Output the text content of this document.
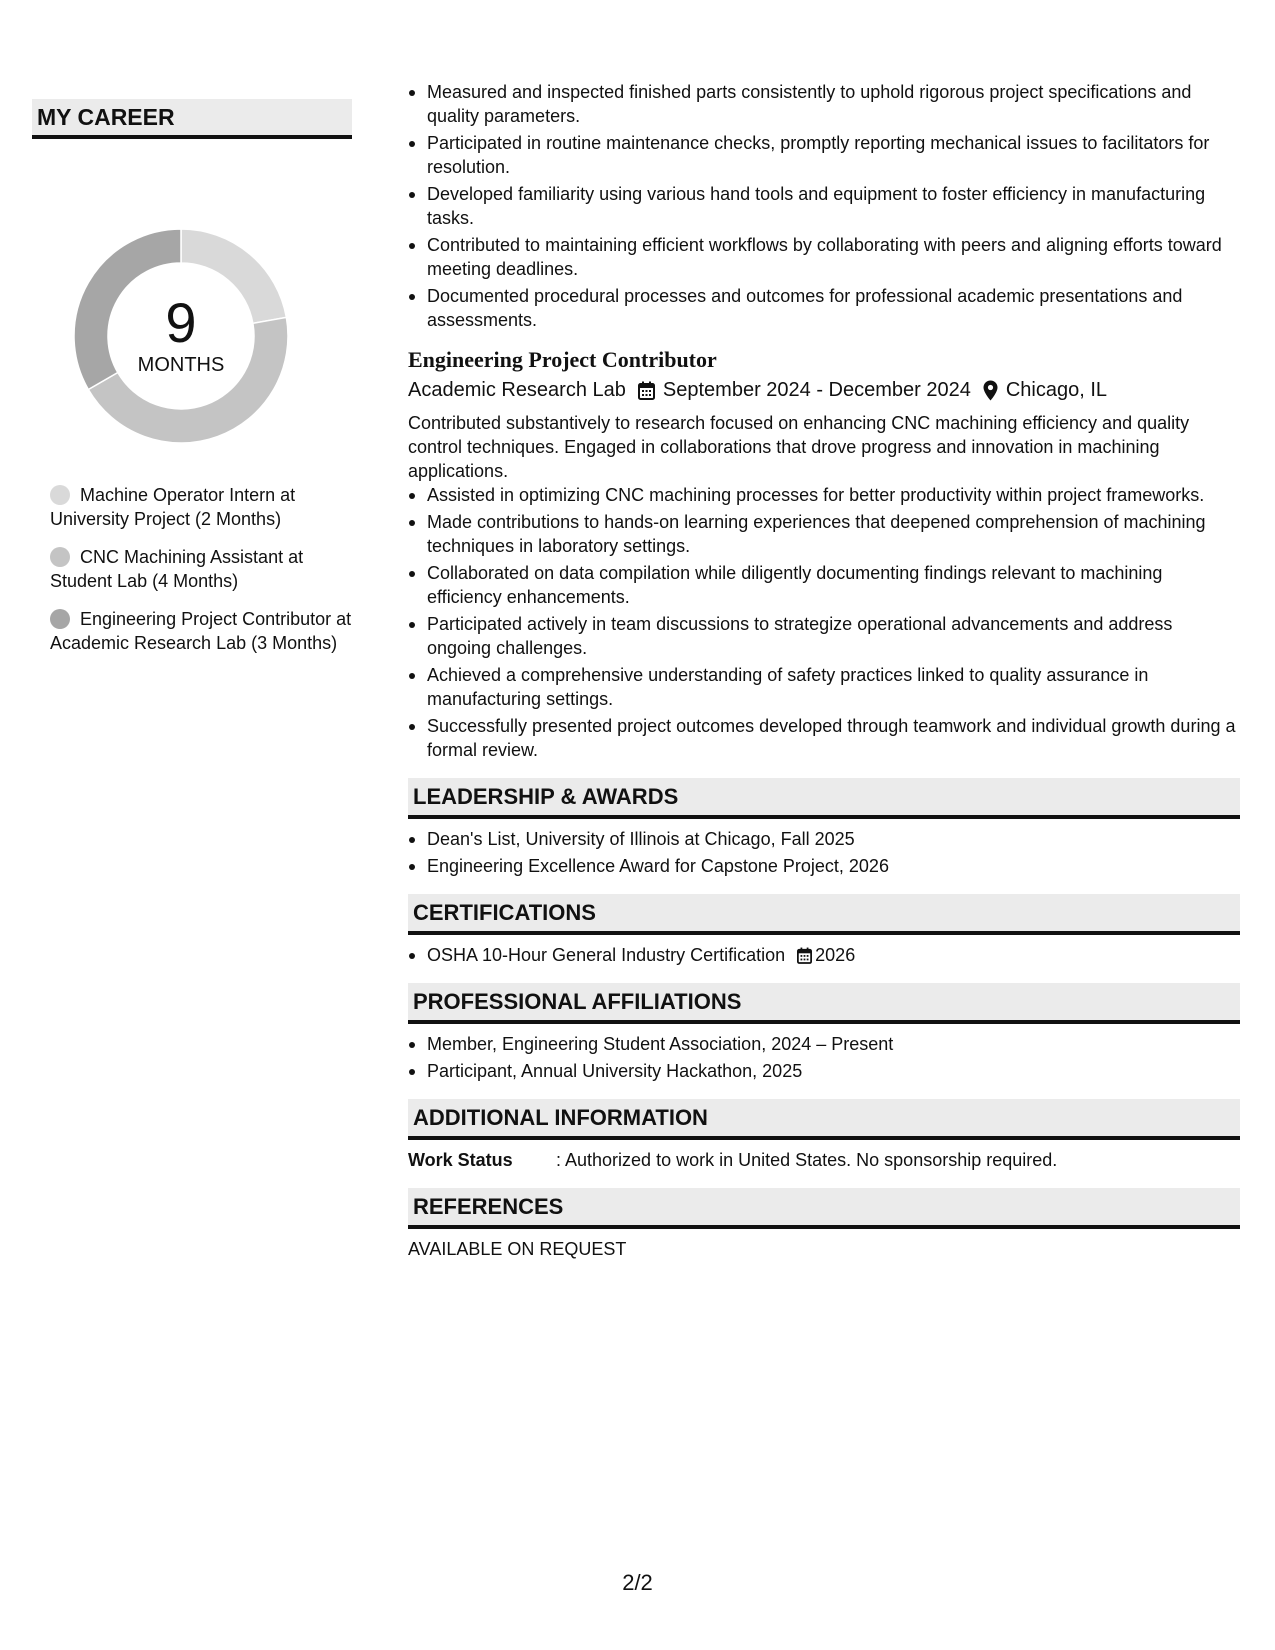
MY CAREER
9
MONTHS
Machine Operator Intern at University Project (2 Months)
CNC Machining Assistant at Student Lab (4 Months)
Engineering Project Contributor at Academic Research Lab (3 Months)
Measured and inspected finished parts consistently to uphold rigorous project specifications and quality parameters.
Participated in routine maintenance checks, promptly reporting mechanical issues to facilitators for resolution.
Developed familiarity using various hand tools and equipment to foster efficiency in manufacturing tasks.
Contributed to maintaining efficient workflows by collaborating with peers and aligning efforts toward meeting deadlines.
Documented procedural processes and outcomes for professional academic presentations and assessments.
Engineering Project Contributor
Academic Research Lab September 2024 - December 2024 Chicago, IL
Contributed substantively to research focused on enhancing CNC machining efficiency and quality control techniques. Engaged in collaborations that drove progress and innovation in machining applications.
Assisted in optimizing CNC machining processes for better productivity within project frameworks.
Made contributions to hands-on learning experiences that deepened comprehension of machining techniques in laboratory settings.
Collaborated on data compilation while diligently documenting findings relevant to machining efficiency enhancements.
Participated actively in team discussions to strategize operational advancements and address ongoing challenges.
Achieved a comprehensive understanding of safety practices linked to quality assurance in manufacturing settings.
Successfully presented project outcomes developed through teamwork and individual growth during a formal review.
LEADERSHIP & AWARDS
Dean's List, University of Illinois at Chicago, Fall 2025
Engineering Excellence Award for Capstone Project, 2026
CERTIFICATIONS
OSHA 10-Hour General Industry Certification 2026
PROFESSIONAL AFFILIATIONS
Member, Engineering Student Association, 2024 – Present
Participant, Annual University Hackathon, 2025
ADDITIONAL INFORMATION
Work Status	: Authorized to work in United States. No sponsorship required.
REFERENCES
AVAILABLE ON REQUEST
2/2
